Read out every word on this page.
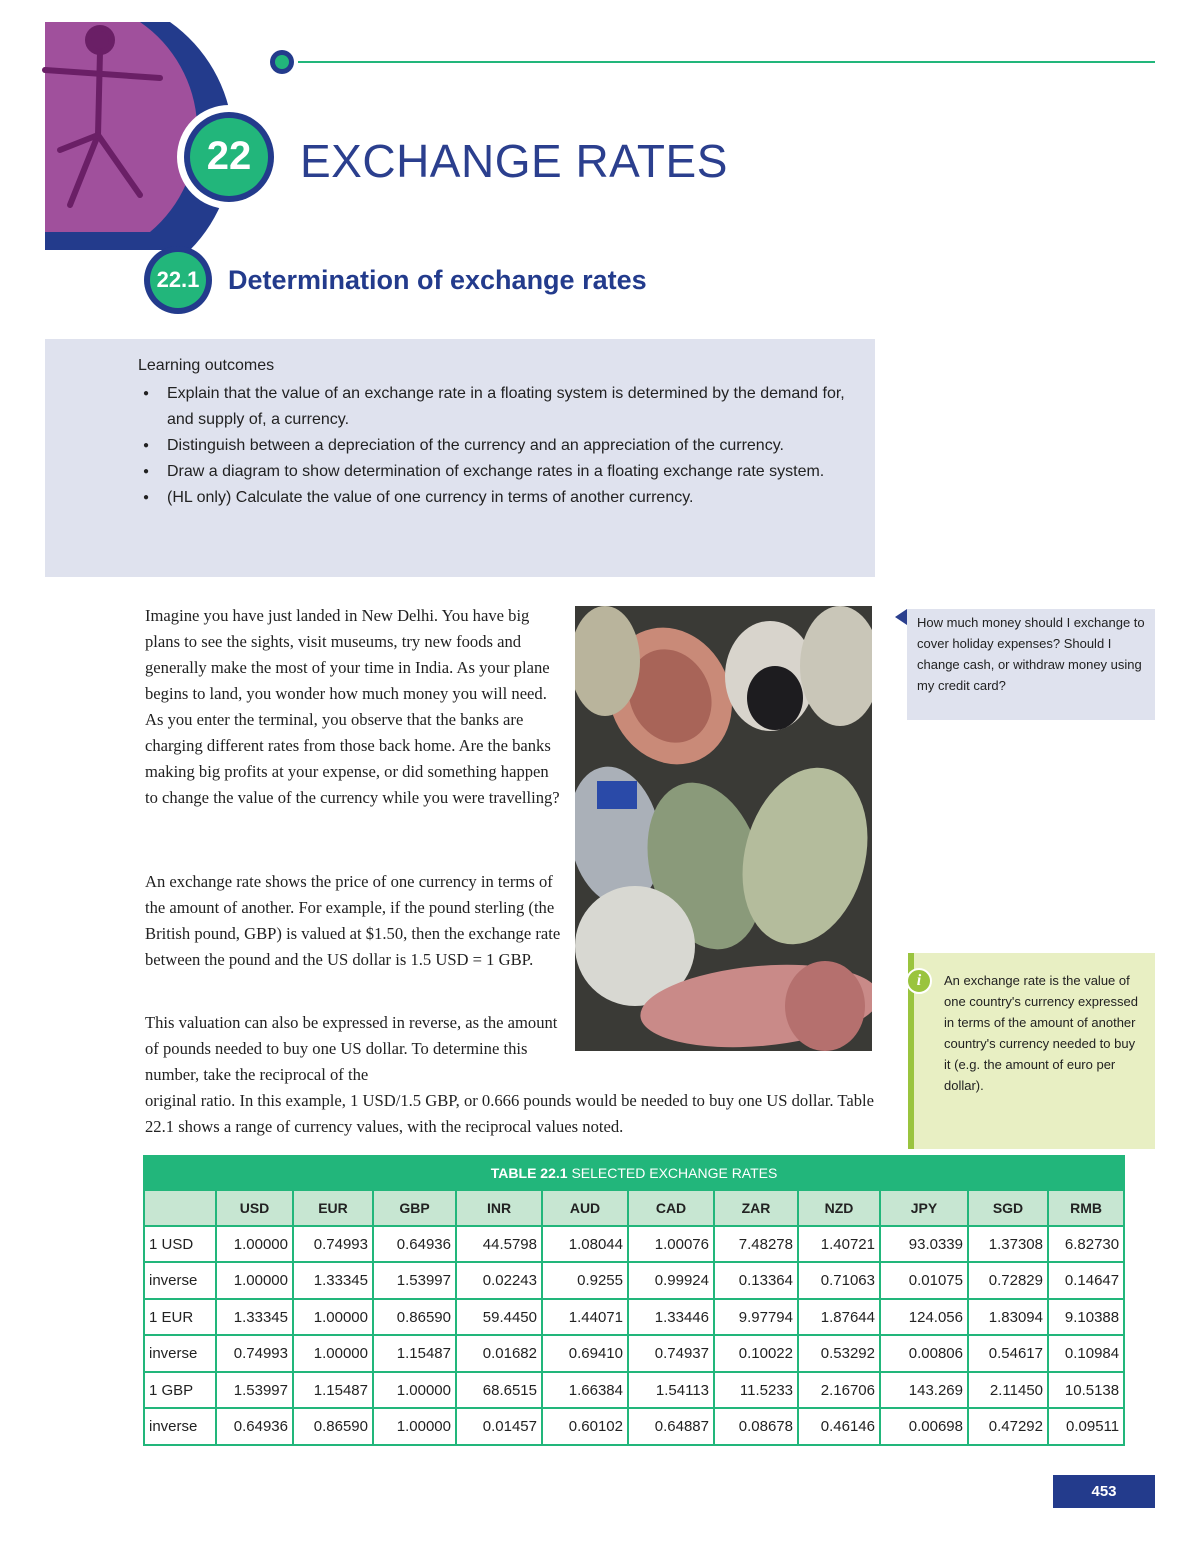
22	EXCHANGE RATES
22.1	Determination of exchange rates
Learning outcomes
● Explain that the value of an exchange rate in a floating system is determined by the demand for, and supply of, a currency.
● Distinguish between a depreciation of the currency and an appreciation of the currency.
● Draw a diagram to show determination of exchange rates in a floating exchange rate system.
● (HL only) Calculate the value of one currency in terms of another currency.

Imagine you have just landed in New Delhi. You have big plans to see the sights, visit museums, try new foods and generally make the most of your time in India. As your plane begins to land, you wonder how much money you will need. As you enter the terminal, you observe that the banks are charging different rates from those back home. Are the banks making big profits at your expense, or did something happen to change the value of the currency while you were travelling?

An exchange rate shows the price of one currency in terms of the amount of another. For example, if the pound sterling (the British pound, GBP) is valued at $1.50, then the exchange rate between the pound and the US dollar is 1.5 USD = 1 GBP.

This valuation can also be expressed in reverse, as the amount of pounds needed to buy one US dollar. To determine this number, take the reciprocal of the

original ratio. In this example, 1 USD/1.5 GBP, or 0.666 pounds would be needed to buy one US dollar. Table 22.1 shows a range of currency values, with the reciprocal values noted.

How much money should I exchange to cover holiday expenses? Should I change cash, or withdraw money using my credit card?
i	An exchange rate is the value of one country's currency expressed in terms of the amount of another country's currency needed to buy it (e.g. the amount of euro per dollar).
TABLE 22.1 SELECTED EXCHANGE RATES											
	USD	EUR	GBP	INR	AUD	CAD	ZAR	NZD	JPY	SGD	RMB
1 USD	1.00000	0.74993	0.64936	44.5798	1.08044	1.00076	7.48278	1.40721	93.0339	1.37308	6.82730
inverse	1.00000	1.33345	1.53997	0.02243	0.9255	0.99924	0.13364	0.71063	0.01075	0.72829	0.14647
1 EUR	1.33345	1.00000	0.86590	59.4450	1.44071	1.33446	9.97794	1.87644	124.056	1.83094	9.10388
inverse	0.74993	1.00000	1.15487	0.01682	0.69410	0.74937	0.10022	0.53292	0.00806	0.54617	0.10984
1 GBP	1.53997	1.15487	1.00000	68.6515	1.66384	1.54113	11.5233	2.16706	143.269	2.11450	10.5138
inverse	0.64936	0.86590	1.00000	0.01457	0.60102	0.64887	0.08678	0.46146	0.00698	0.47292	0.09511
453
